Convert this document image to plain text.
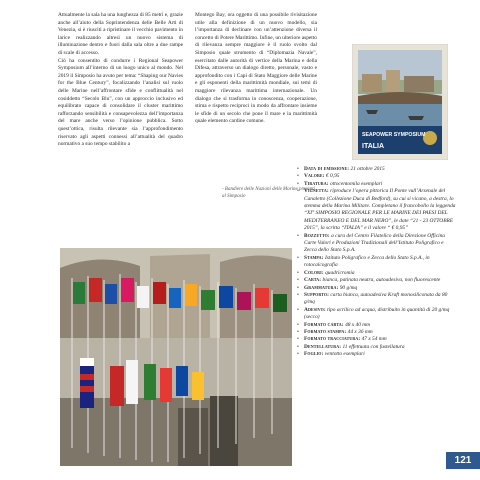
Attualmente la sala ha una lunghezza di 85 metri e, grazie anche all’aiuto della Soprintendenza delle Belle Arti di Venezia, si è riusciti a ripristinare il vecchio pavimento in larice realizzando altresì un nuovo sistema di illuminazione dentro e fuori dalla sala oltre a due rampe di scale di accesso.

Ciò ha consentito di condurre i Regional Seapower Symposium all’interno di un luogo unico al mondo. Nel 2019 il Simposio ha avuto per tema: “Shaping our Navies for the Blue Century”, focalizzando l’analisi sul ruolo delle Marine nell’affrontare sfide e conflittualità nel cosiddetto “Secolo Blu”, con un approccio inclusivo ed equilibrato capace di consolidare il cluster marittimo rafforzando sensibilità e consapevolezza dell’importanza del mare anche verso l’opinione pubblica. Sotto quest’ottica, risulta rilevante sia l’approfondimento riservato agli aspetti connessi all’attualità del quadro normativo a suo tempo stabilito a

Montego Bay, ora oggetto di una possibile rivisitazione utile alla definizione di un nuovo modello, sia l’importanza di declinare con un’attenzione diversa il concetto di Potere Marittimo. Infine, un ulteriore aspetto di rilevanza sempre maggiore è il ruolo svolto dal Simposio quale strumento di “Diplomazia Navale”, esercitato dalle autorità di vertice della Marina e della Difesa, attraverso un dialogo diretto, personale, vasto e approfondito con i Capi di Stato Maggiore delle Marine e gli esponenti della marittimità mondiale, sui temi di maggiore rilevanza marittima internazionale. Un dialogo che si trasforma in conoscenza, cooperazione, stima e rispetto reciproci in modo da affrontare insieme le sfide di un secolo che pone il mare e la marittimità quale elemento cardine comune.

- Bandiere delle Nazioni delle Marine presenti al Simposio
SEAPOWER SYMPOSIUM
ITALIA
• Data di emissione: 21 ottobre 2015
• Valore: € 0,95
• Tiratura: ottocentomila esemplari
• Vignetta: riproduce l’opera pittorica Il Ponte vull’Arsenale del Canaletto (Collezione Duca di Bedford), su cui si vicano, a destra, lo stemma della Marina Militare. Completano il francobollo la leggenda “XI° SIMPOSIO REGIONALE PER LE MARINE DEI PAESI DEL MEDITERRANEO E DEL MAR NERO”, le date “21 - 23 OTTOBRE 2015”, la scritta “ITALIA” e il valore “ € 0,95”
• Bozzetto: a cura del Centro Filatelico della Direzione Officina Carte Valori e Produzioni Tradizionali dell’Istituto Poligrafico e Zecca dello Stato S.p.A.
• Stampa: Istituto Poligrafico e Zecca dello Stato S.p.A., in rotocalcografia
• Colori: quadricromia
• Carta: bianca, patinata neutra, autoadesiva, non fluorescente
• Grammatura: 90 g/mq
• Supporto: carta bianca, autoadesiva Kraft monosiliconata da 80 g/mq
• Adesivo: tipo acrilico ad acqua, distribuito in quantità di 20 g/mq (secco)
• Formato carta: 48 x 40 mm
• Formato stampa: 44 x 36 mm
• Formato tracciatura: 47 x 54 mm
• Dentellatura: 11 effettuata con fustellatura
• Foglio: ventotto esemplari
121
